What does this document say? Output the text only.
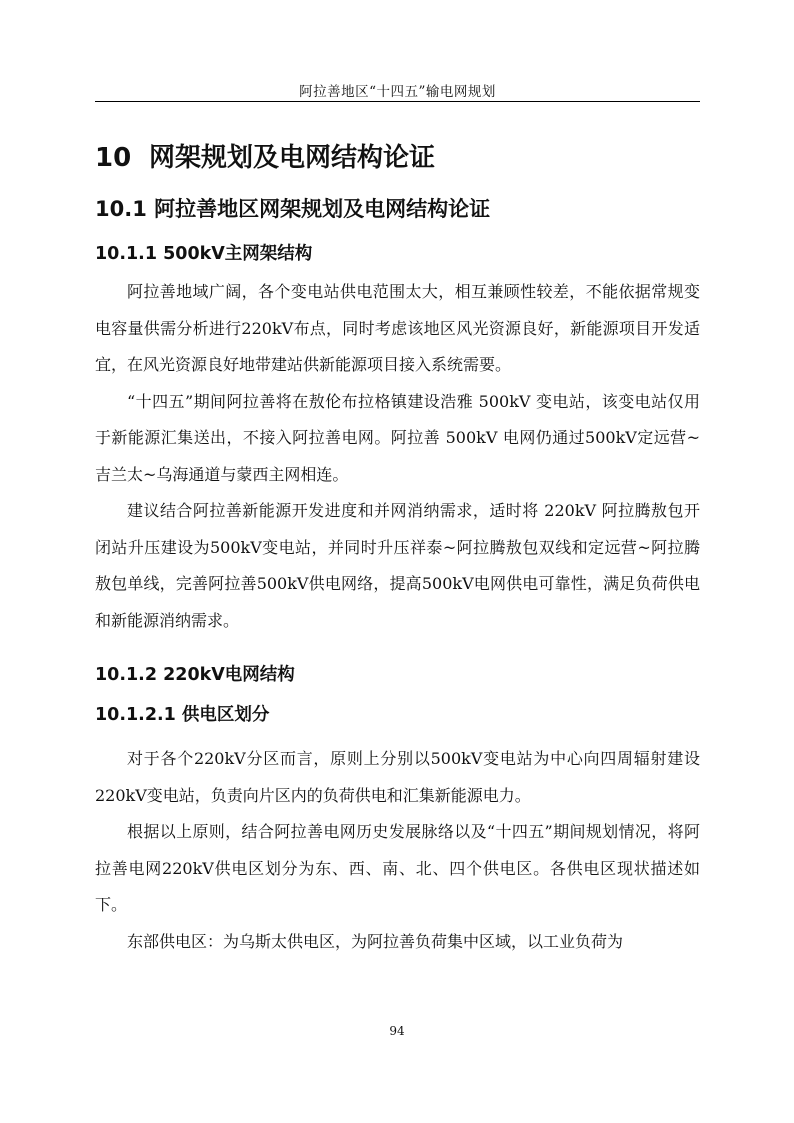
阿拉善地区“十四五”输电网规划
10 网架规划及电网结构论证
10.1 阿拉善地区网架规划及电网结构论证
10.1.1 500kV主网架结构

阿拉善地域广阔，各个变电站供电范围太大，相互兼顾性较差，不能依据常规变电容量供需分析进行220kV布点，同时考虑该地区风光资源良好，新能源项目开发适宜，在风光资源良好地带建站供新能源项目接入系统需要。

“十四五”期间阿拉善将在敖伦布拉格镇建设浩雅 500kV 变电站，该变电站仅用于新能源汇集送出，不接入阿拉善电网。阿拉善 500kV 电网仍通过500kV定远营~吉兰太~乌海通道与蒙西主网相连。

建议结合阿拉善新能源开发进度和并网消纳需求，适时将 220kV 阿拉腾敖包开闭站升压建设为500kV变电站，并同时升压祥泰~阿拉腾敖包双线和定远营~阿拉腾敖包单线，完善阿拉善500kV供电网络，提高500kV电网供电可靠性，满足负荷供电和新能源消纳需求。

10.1.2 220kV电网结构
10.1.2.1 供电区划分

对于各个220kV分区而言，原则上分别以500kV变电站为中心向四周辐射建设220kV变电站，负责向片区内的负荷供电和汇集新能源电力。

根据以上原则，结合阿拉善电网历史发展脉络以及“十四五”期间规划情况，将阿拉善电网220kV供电区划分为东、西、南、北、四个供电区。各供电区现状描述如下。

东部供电区：为乌斯太供电区，为阿拉善负荷集中区域，以工业负荷为

94
